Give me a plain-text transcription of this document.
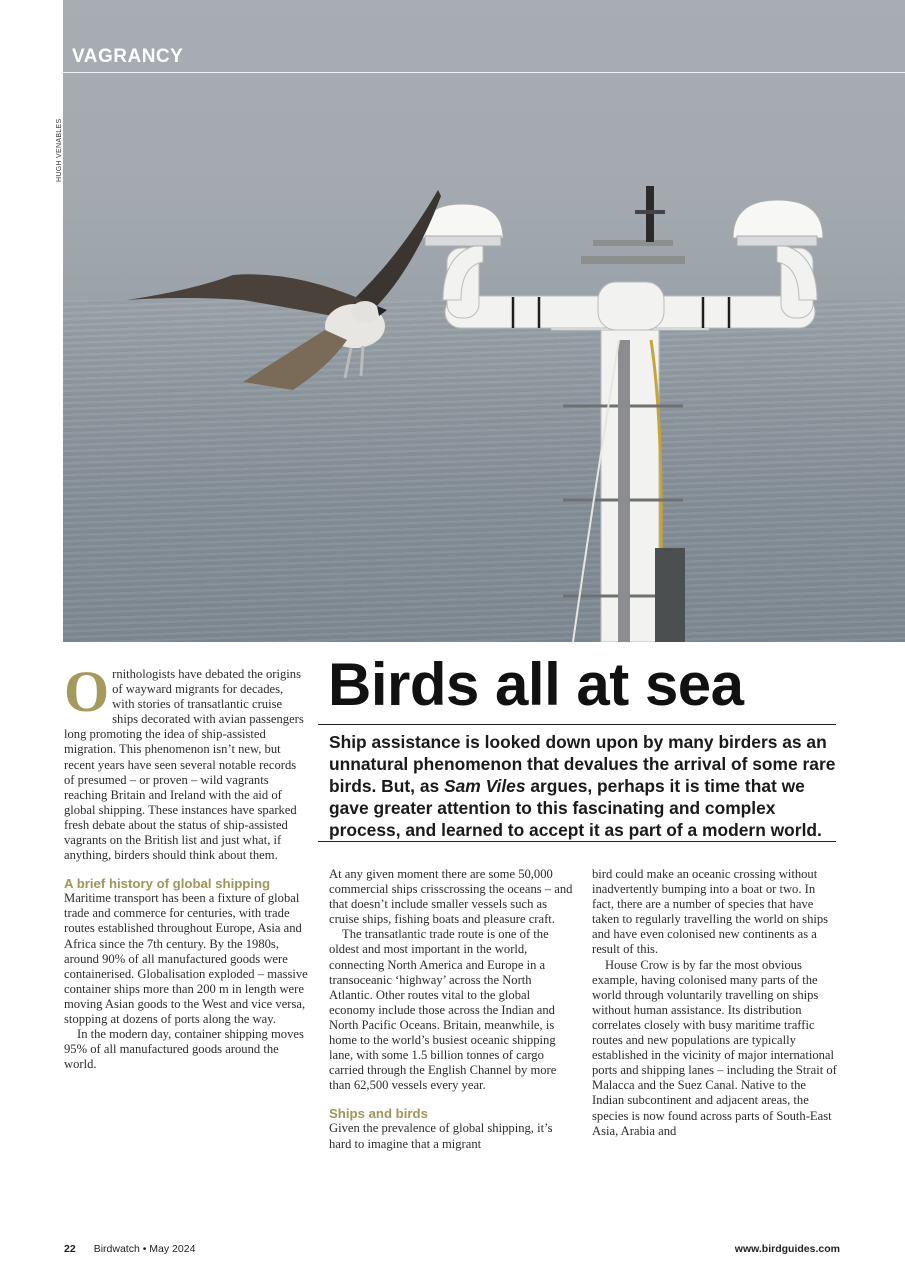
VAGRANCY
HUGH VENABLES
Birds all at sea
Ship assistance is looked down upon by many birders as an unnatural phenomenon that devalues the arrival of some rare birds. But, as Sam Viles argues, perhaps it is time that we gave greater attention to this fascinating and complex process, and learned to accept it as part of a modern world.

Ornithologists have debated the origins of wayward migrants for decades, with stories of transatlantic cruise ships decorated with avian passengers long promoting the idea of ship-assisted migration. This phenomenon isn’t new, but recent years have seen several notable records of presumed – or proven – wild vagrants reaching Britain and Ireland with the aid of global shipping. These instances have sparked fresh debate about the status of ship-assisted vagrants on the British list and just what, if anything, birders should think about them.

A brief history of global shipping

Maritime transport has been a fixture of global trade and commerce for centuries, with trade routes established throughout Europe, Asia and Africa since the 7th century. By the 1980s, around 90% of all manufactured goods were containerised. Globalisation exploded – massive container ships more than 200 m in length were moving Asian goods to the West and vice versa, stopping at dozens of ports along the way.

In the modern day, container shipping moves 95% of all manufactured goods around the world.

At any given moment there are some 50,000 commercial ships crisscrossing the oceans – and that doesn’t include smaller vessels such as cruise ships, fishing boats and pleasure craft.

The transatlantic trade route is one of the oldest and most important in the world, connecting North America and Europe in a transoceanic ‘highway’ across the North Atlantic. Other routes vital to the global economy include those across the Indian and North Pacific Oceans. Britain, meanwhile, is home to the world’s busiest oceanic shipping lane, with some 1.5 billion tonnes of cargo carried through the English Channel by more than 62,500 vessels every year.

Ships and birds

Given the prevalence of global shipping, it’s hard to imagine that a migrant

bird could make an oceanic crossing without inadvertently bumping into a boat or two. In fact, there are a number of species that have taken to regularly travelling the world on ships and have even colonised new continents as a result of this.

House Crow is by far the most obvious example, having colonised many parts of the world through voluntarily travelling on ships without human assistance. Its distribution correlates closely with busy maritime traffic routes and new populations are typically established in the vicinity of major international ports and shipping lanes – including the Strait of Malacca and the Suez Canal. Native to the Indian subcontinent and adjacent areas, the species is now found across parts of South-East Asia, Arabia and

22 Birdwatch • May 2024	www.birdguides.com
